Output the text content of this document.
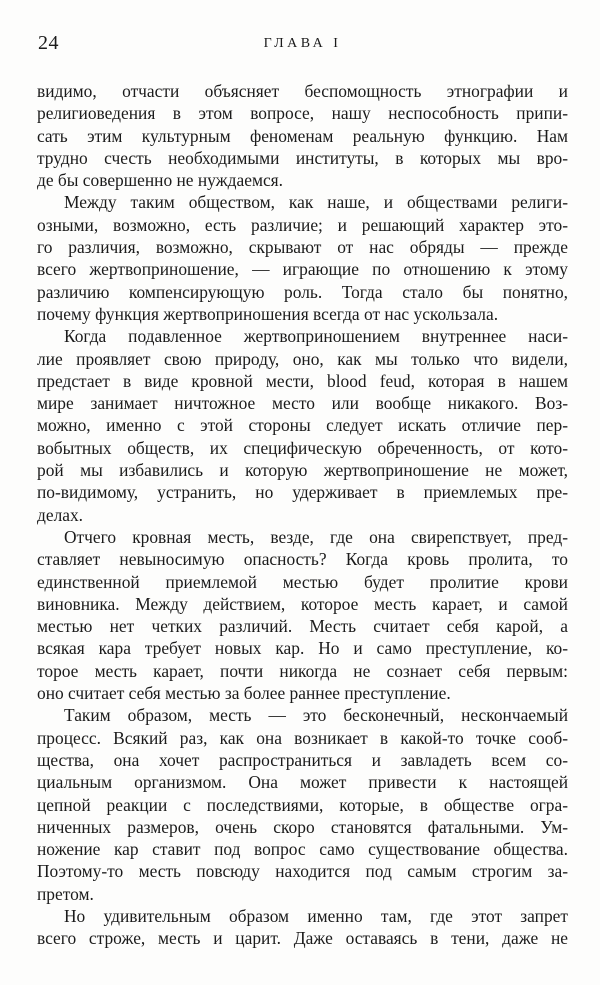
24	ГЛАВА I

видимо, отчасти объясняет беспомощность этнографии и
религиоведения в этом вопросе, нашу неспособность припи-
сать этим культурным феноменам реальную функцию. Нам
трудно счесть необходимыми институты, в которых мы вро-
де бы совершенно не нуждаемся.

Между таким обществом, как наше, и обществами религи-
озными, возможно, есть различие; и решающий характер это-
го различия, возможно, скрывают от нас обряды — прежде
всего жертвоприношение, — играющие по отношению к этому
различию компенсирующую роль. Тогда стало бы понятно,
почему функция жертвоприношения всегда от нас ускользала.

Когда подавленное жертвоприношением внутреннее наси-
лие проявляет свою природу, оно, как мы только что видели,
предстает в виде кровной мести, blood feud, которая в нашем
мире занимает ничтожное место или вообще никакого. Воз-
можно, именно с этой стороны следует искать отличие пер-
вобытных обществ, их специфическую обреченность, от кото-
рой мы избавились и которую жертвоприношение не может,
по-видимому, устранить, но удерживает в приемлемых пре-
делах.

Отчего кровная месть, везде, где она свирепствует, пред-
ставляет невыносимую опасность? Когда кровь пролита, то
единственной приемлемой местью будет пролитие крови
виновника. Между действием, которое месть карает, и самой
местью нет четких различий. Месть считает себя карой, а
всякая кара требует новых кар. Но и само преступление, ко-
торое месть карает, почти никогда не сознает себя первым:
оно считает себя местью за более раннее преступление.

Таким образом, месть — это бесконечный, нескончаемый
процесс. Всякий раз, как она возникает в какой-то точке сооб-
щества, она хочет распространиться и завладеть всем со-
циальным организмом. Она может привести к настоящей
цепной реакции с последствиями, которые, в обществе огра-
ниченных размеров, очень скоро становятся фатальными. Ум-
ножение кар ставит под вопрос само существование общества.
Поэтому-то месть повсюду находится под самым строгим за-
претом.

Но удивительным образом именно там, где этот запрет
всего строже, месть и царит. Даже оставаясь в тени, даже не
